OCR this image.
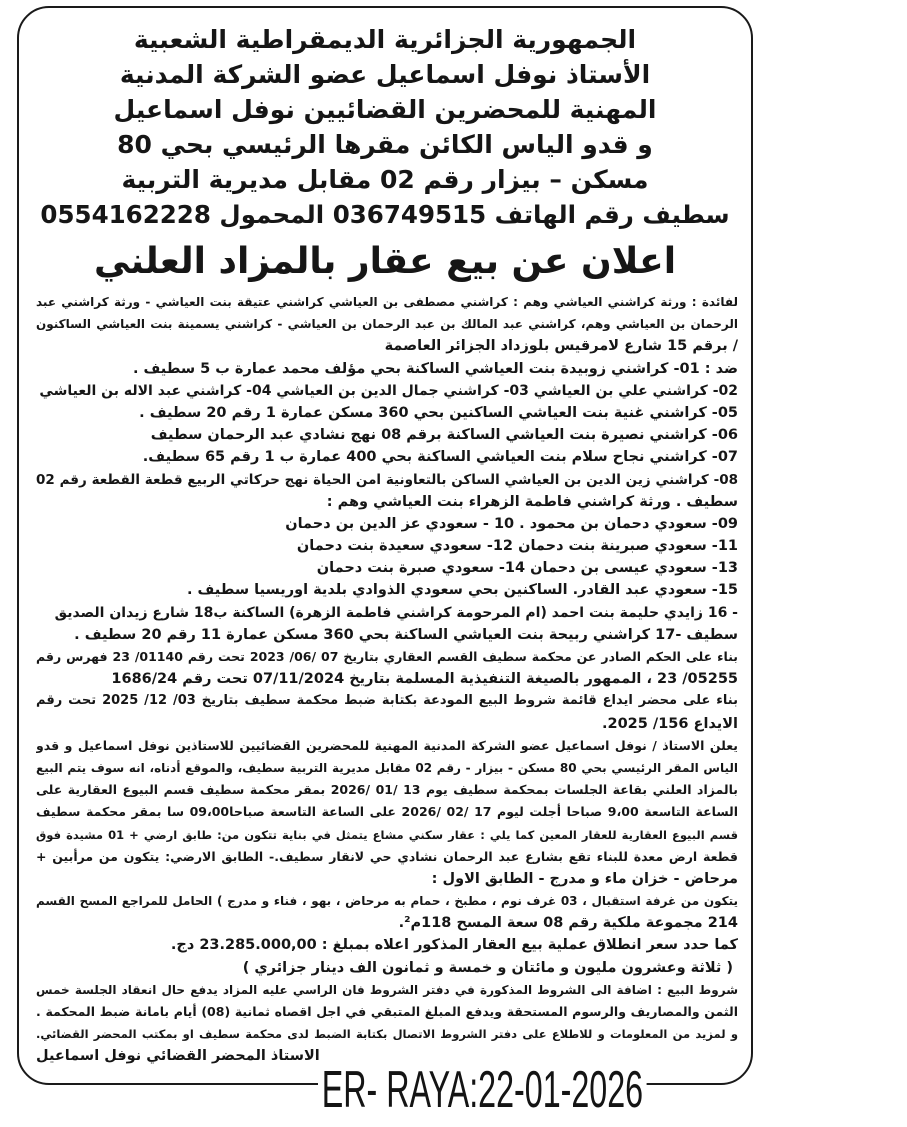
الجمهورية الجزائرية الديمقراطية الشعبية
الأستاذ نوفل اسماعيل عضو الشركة المدنية
المهنية للمحضرين القضائيين نوفل اسماعيل
و قدو الياس الكائن مقرها الرئيسي بحي 80
مسكن – بيزار رقم 02 مقابل مديرية التربية
سطيف رقم الهاتف 036749515 المحمول 0554162228
اعلان عن بيع عقار بالمزاد العلني
لفائدة : ورثة كراشني العياشي وهم : كراشني مصطفى بن العياشي كراشني عتيقة بنت العياشي - ورثة كراشني عبد
الرحمان بن العياشي وهم، كراشني عبد المالك بن عبد الرحمان بن العياشي - كراشني يسمينة بنت العياشي الساكنون
/ برقم 15 شارع لامرقيس بلوزداد الجزائر العاصمة
ضد : 01- كراشني زوبيدة بنت العياشي الساكنة بحي مؤلف محمد عمارة ب 5 سطيف .
02- كراشني علي بن العياشي 03- كراشني جمال الدين بن العياشي 04- كراشني عبد الاله بن العياشي
05- كراشني غنية بنت العياشي الساكنين بحي 360 مسكن عمارة 1 رقم 20 سطيف .
06- كراشني نصيرة بنت العياشي الساكنة برقم 08 نهج نشادي عبد الرحمان سطيف
07- كراشني نجاح سلام بنت العياشي الساكنة بحي 400 عمارة ب 1 رقم 65 سطيف.
08- كراشني زين الدين بن العياشي الساكن بالتعاونية امن الحياة نهج حركاتي الربيع قطعة القطعة رقم 02
سطيف . ورثة كراشني فاطمة الزهراء بنت العياشي وهم :
09- سعودي دحمان بن محمود . 10 - سعودي عز الدين بن دحمان
11- سعودي صبرينة بنت دحمان 12- سعودي سعيدة بنت دحمان
13- سعودي عيسى بن دحمان 14- سعودي صبرة بنت دحمان
15- سعودي عبد القادر. الساكنين بحي سعودي الذوادي بلدية اوريسيا سطيف .
- 16 زايدي حليمة بنت احمد (ام المرحومة كراشني فاطمة الزهرة) الساكنة ب18 شارع زيدان الصديق
سطيف -17 كراشني ربيحة بنت العياشي الساكنة بحي 360 مسكن عمارة 11 رقم 20 سطيف .
بناء على الحكم الصادر عن محكمة سطيف القسم العقاري بتاريخ 07 /06/ 2023 تحت رقم 01140/ 23 فهرس رقم
05255/ 23 ، الممهور بالصيغة التنفيذية المسلمة بتاريخ 07/11/2024 تحت رقم 1686/24
بناء على محضر ايداع قائمة شروط البيع المودعة بكتابة ضبط محكمة سطيف بتاريخ 03/ 12/ 2025 تحت رقم
الايداع 156/ 2025.
يعلن الاستاذ / نوفل اسماعيل عضو الشركة المدنية المهنية للمحضرين القضائيين للاستاذين نوفل اسماعيل و قدو
الياس المقر الرئيسي بحي 80 مسكن - بيزار - رقم 02 مقابل مديرية التربية سطيف، والموقع أدناه، انه سوف يتم البيع
بالمزاد العلني بقاعة الجلسات بمحكمة سطيف يوم 13 /01 /2026 بمقر محكمة سطيف قسم البيوع العقارية على
الساعة التاسعة 9،00 صباحا أجلت ليوم 17 /02 /2026 على الساعة التاسعة صباحا09،00 سا بمقر محكمة سطيف
قسم البيوع العقارية للعقار المعين كما يلي : عقار سكني مشاع يتمثل في بناية تتكون من: طابق ارضي + 01 مشيدة فوق
قطعة ارض معدة للبناء تقع بشارع عبد الرحمان نشادي حي لانقار سطيف.- الطابق الارضي: يتكون من مرأبين +
مرحاض - خزان ماء و مدرج - الطابق الاول :
يتكون من غرفة استقبال ، 03 غرف نوم ، مطبخ ، حمام به مرحاض ، بهو ، فناء و مدرج ) الحامل للمراجع المسح القسم
214 مجموعة ملكية رقم 08 سعة المسح 118م².
كما حدد سعر انطلاق عملية بيع العقار المذكور اعلاه بمبلغ : 23.285.000,00 دج.
( ثلاثة وعشرون مليون و مائتان و خمسة و ثمانون الف دينار جزائري )
شروط البيع : اضافة الى الشروط المذكورة في دفتر الشروط فان الراسي عليه المزاد يدفع حال انعقاد الجلسة خمس
الثمن والمصاريف والرسوم المستحقة ويدفع المبلغ المتبقي في اجل اقصاه ثمانية (08) أيام بامانة ضبط المحكمة .
و لمزيد من المعلومات و للاطلاع على دفتر الشروط الاتصال بكتابة الضبط لدى محكمة سطيف او بمكتب المحضر القضائي.
الاستاذ المحضر القضائي نوفل اسماعيل
ER- RAYA:22-01-2026
